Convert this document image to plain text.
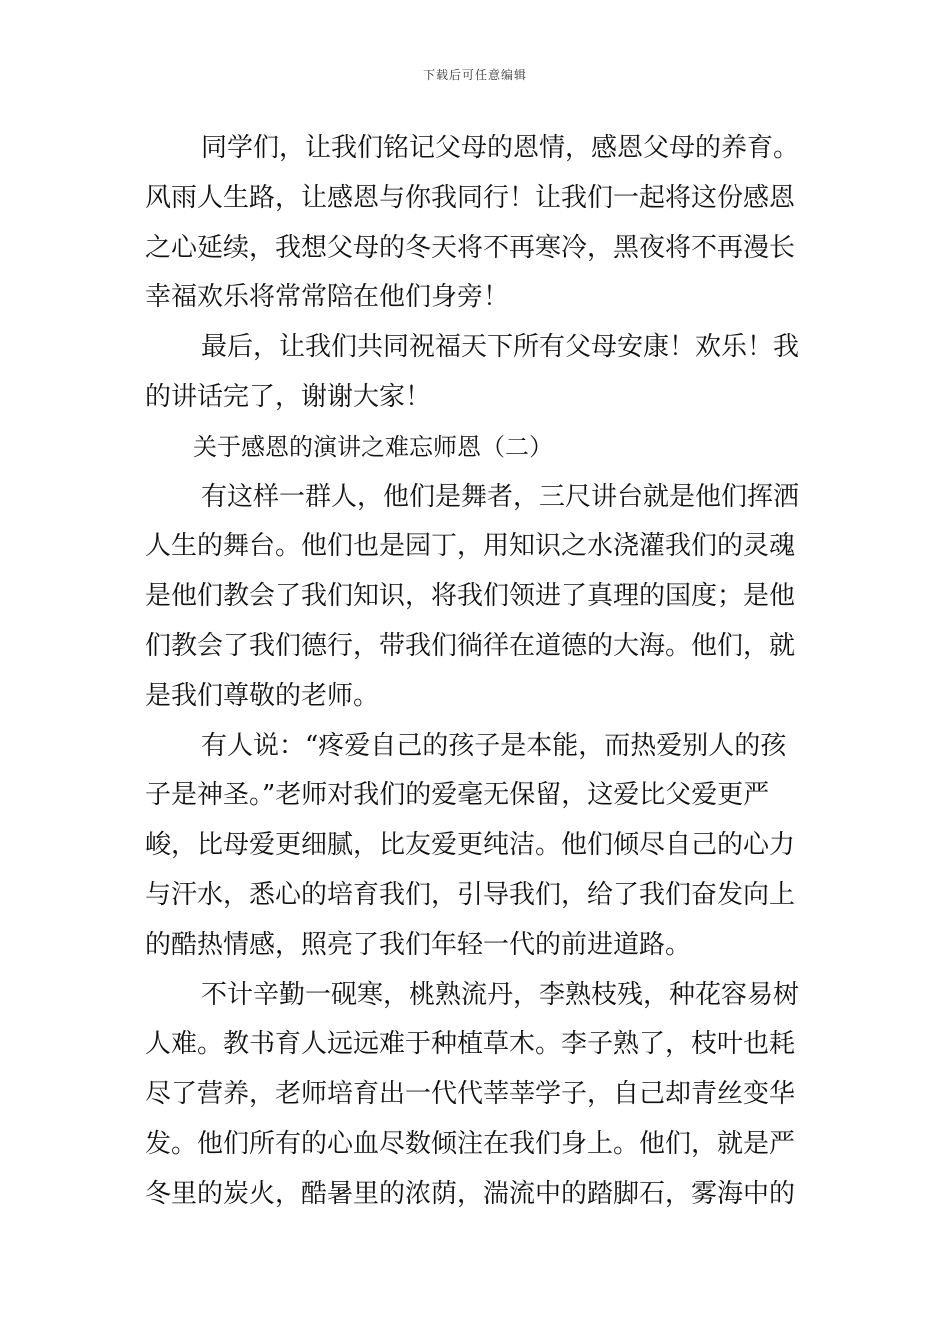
下载后可任意编辑
同学们，让我们铭记父母的恩情，感恩父母的养育。
风雨人生路，让感恩与你我同行！让我们一起将这份感恩
之心延续，我想父母的冬天将不再寒冷，黑夜将不再漫长
幸福欢乐将常常陪在他们身旁！
最后，让我们共同祝福天下所有父母安康！欢乐！我
的讲话完了，谢谢大家！
关于感恩的演讲之难忘师恩（二）
有这样一群人，他们是舞者，三尺讲台就是他们挥洒
人生的舞台。他们也是园丁，用知识之水浇灌我们的灵魂
是他们教会了我们知识，将我们领进了真理的国度；是他
们教会了我们德行，带我们徜徉在道德的大海。他们，就
是我们尊敬的老师。
有人说：“疼爱自己的孩子是本能，而热爱别人的孩
子是神圣。”老师对我们的爱毫无保留，这爱比父爱更严
峻，比母爱更细腻，比友爱更纯洁。他们倾尽自己的心力
与汗水，悉心的培育我们，引导我们，给了我们奋发向上
的酷热情感，照亮了我们年轻一代的前进道路。
不计辛勤一砚寒，桃熟流丹，李熟枝残，种花容易树
人难。教书育人远远难于种植草木。李子熟了，枝叶也耗
尽了营养，老师培育出一代代莘莘学子，自己却青丝变华
发。他们所有的心血尽数倾注在我们身上。他们，就是严
冬里的炭火，酷暑里的浓荫，湍流中的踏脚石，雾海中的
